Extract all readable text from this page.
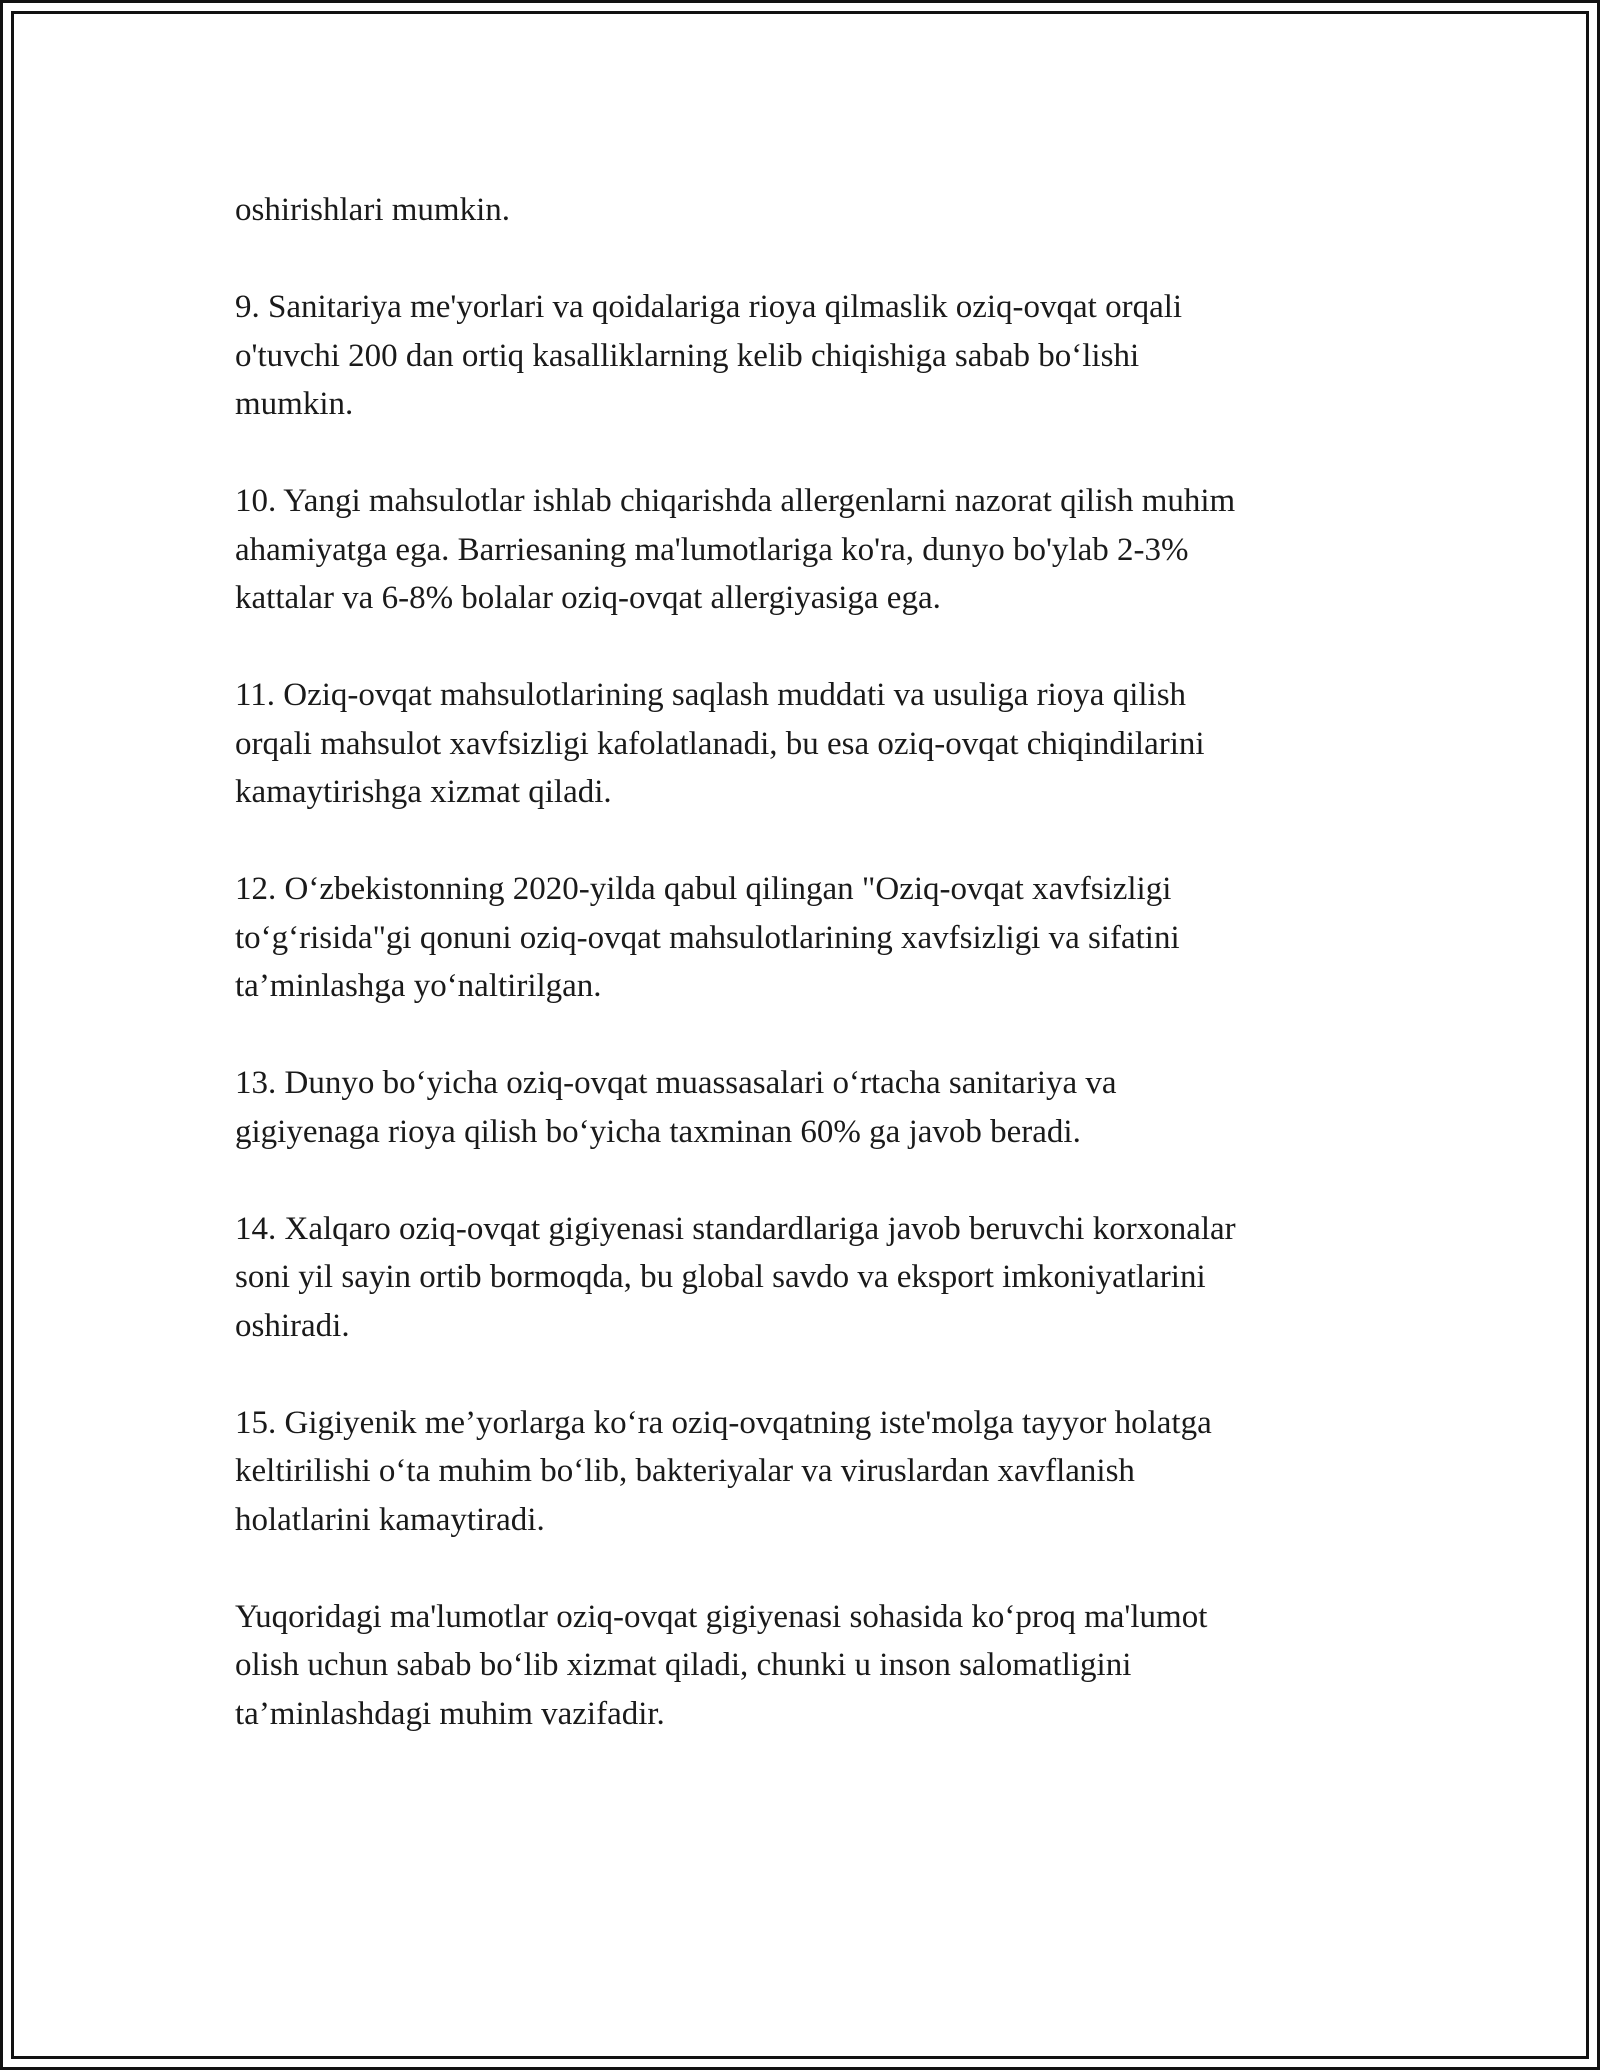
oshirishlari mumkin.

9. Sanitariya me'yorlari va qoidalariga rioya qilmaslik oziq-ovqat orqali
o'tuvchi 200 dan ortiq kasalliklarning kelib chiqishiga sabab bo‘lishi
mumkin.

10. Yangi mahsulotlar ishlab chiqarishda allergenlarni nazorat qilish muhim
ahamiyatga ega. Barriesaning ma'lumotlariga ko'ra, dunyo bo'ylab 2-3%
kattalar va 6-8% bolalar oziq-ovqat allergiyasiga ega.

11. Oziq-ovqat mahsulotlarining saqlash muddati va usuliga rioya qilish
orqali mahsulot xavfsizligi kafolatlanadi, bu esa oziq-ovqat chiqindilarini
kamaytirishga xizmat qiladi.

12. O‘zbekistonning 2020-yilda qabul qilingan "Oziq-ovqat xavfsizligi
to‘g‘risida"gi qonuni oziq-ovqat mahsulotlarining xavfsizligi va sifatini
ta’minlashga yo‘naltirilgan.

13. Dunyo bo‘yicha oziq-ovqat muassasalari o‘rtacha sanitariya va
gigiyenaga rioya qilish bo‘yicha taxminan 60% ga javob beradi.

14. Xalqaro oziq-ovqat gigiyenasi standardlariga javob beruvchi korxonalar
soni yil sayin ortib bormoqda, bu global savdo va eksport imkoniyatlarini
oshiradi.

15. Gigiyenik me’yorlarga ko‘ra oziq-ovqatning iste'molga tayyor holatga
keltirilishi o‘ta muhim bo‘lib, bakteriyalar va viruslardan xavflanish
holatlarini kamaytiradi.

Yuqoridagi ma'lumotlar oziq-ovqat gigiyenasi sohasida ko‘proq ma'lumot
olish uchun sabab bo‘lib xizmat qiladi, chunki u inson salomatligini
ta’minlashdagi muhim vazifadir.
